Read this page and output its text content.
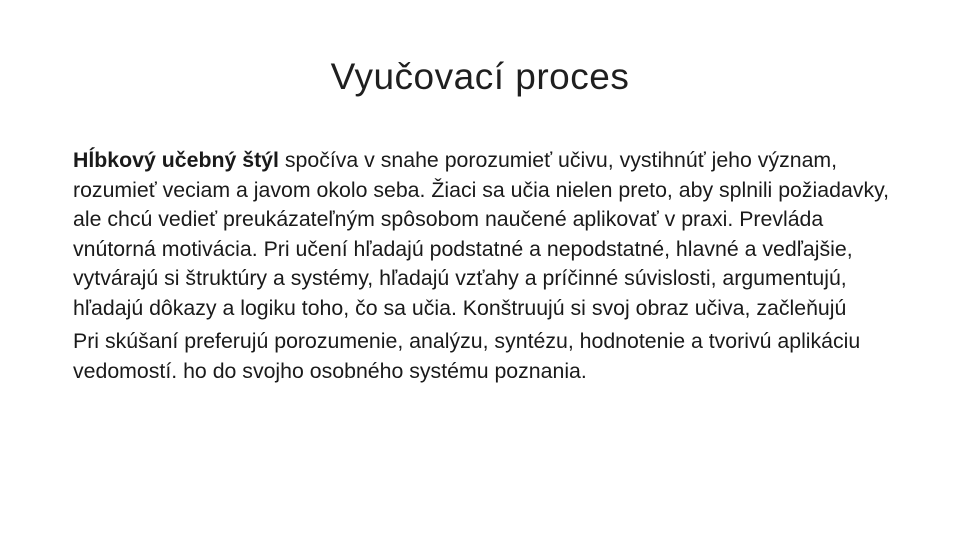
Vyučovací proces

Hĺbkový učebný štýl spočíva v snahe porozumieť učivu, vystihnúť jeho význam, rozumieť veciam a javom okolo seba. Žiaci sa učia nielen preto, aby splnili požiadavky, ale chcú vedieť preukázateľným spôsobom naučené aplikovať v praxi. Prevláda vnútorná motivácia. Pri učení hľadajú podstatné a nepodstatné, hlavné a vedľajšie, vytvárajú si štruktúry a systémy, hľadajú vzťahy a príčinné súvislosti, argumentujú, hľadajú dôkazy a logiku toho, čo sa učia. Konštruujú si svoj obraz učiva, začleňujú

Pri skúšaní preferujú porozumenie, analýzu, syntézu, hodnotenie a tvorivú aplikáciu vedomostí. ho do svojho osobného systému poznania.
